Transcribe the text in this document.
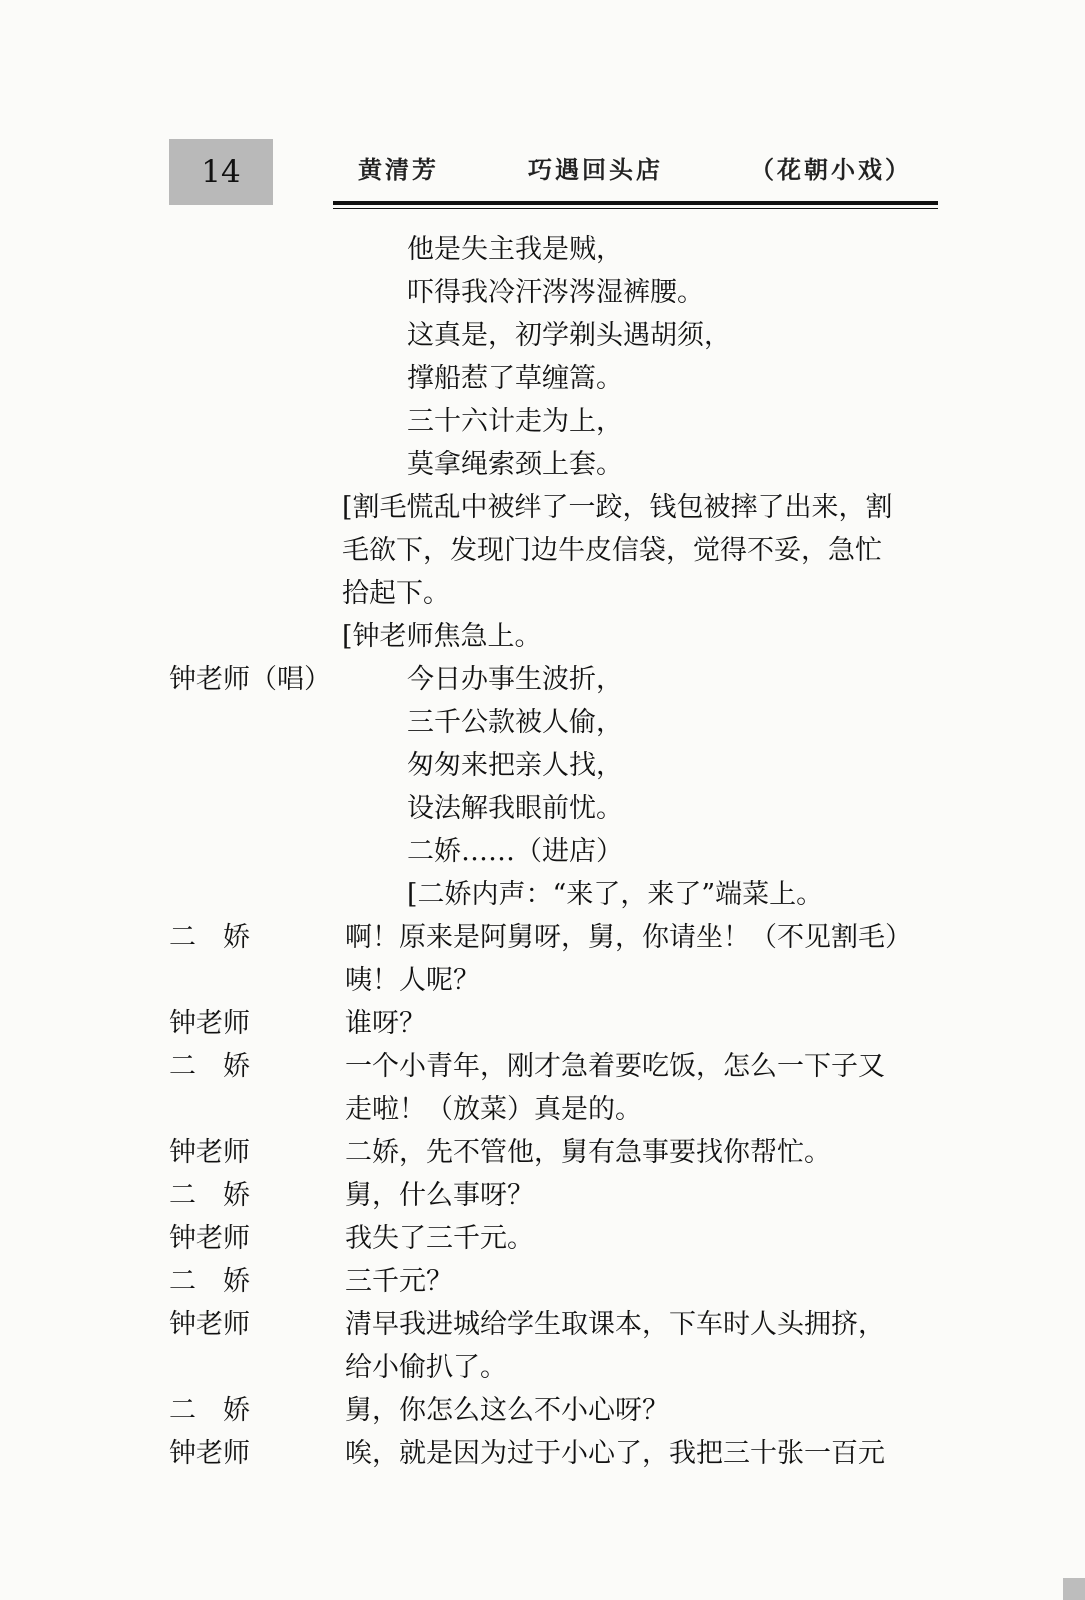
14	黄清芳	巧遇回头店	（花朝小戏）
他是失主我是贼，
吓得我冷汗涔涔湿裤腰。
这真是，初学剃头遇胡须，
撑船惹了草缠篙。
三十六计走为上，
莫拿绳索颈上套。
[割毛慌乱中被绊了一跤，钱包被摔了出来，割
毛欲下，发现门边牛皮信袋，觉得不妥，急忙
拾起下。
[钟老师焦急上。
钟老师（唱）	今日办事生波折，
三千公款被人偷，
匆匆来把亲人找，
设法解我眼前忧。
二娇……（进店）
[二娇内声：“来了，来了”端菜上。
二娇	啊！原来是阿舅呀，舅，你请坐！（不见割毛）
咦！人呢？
钟老师	谁呀？
二娇	一个小青年，刚才急着要吃饭，怎么一下子又
走啦！（放菜）真是的。
钟老师	二娇，先不管他，舅有急事要找你帮忙。
二娇	舅，什么事呀？
钟老师	我失了三千元。
二娇	三千元？
钟老师	清早我进城给学生取课本，下车时人头拥挤，
给小偷扒了。
二娇	舅，你怎么这么不小心呀？
钟老师	唉，就是因为过于小心了，我把三十张一百元
